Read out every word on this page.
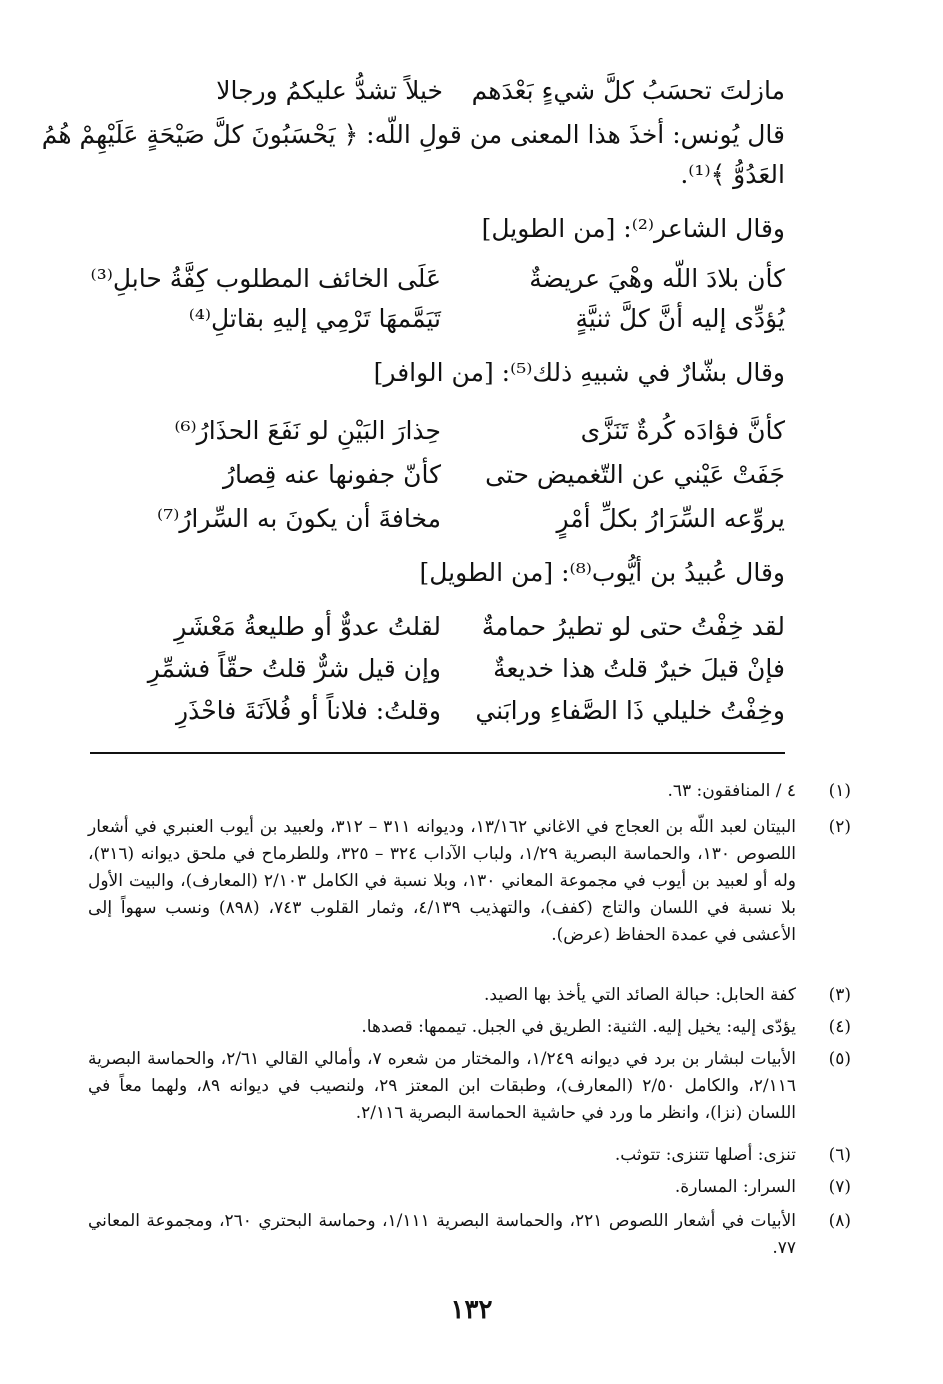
مازلتَ تحسَبُ كلَّ شيءٍ بَعْدَهم
خيلاً تشدُّ عليكمُ ورجالا
قال يُونس: أخذَ هذا المعنى من قولِ اللّه: ﴿ يَحْسَبُونَ كلَّ صَيْحَةٍ عَلَيْهِمْ هُمُ
العَدُوُّ ﴾⁽¹⁾.
وقال الشاعر⁽²⁾: [من الطويل]
كأن بلادَ اللّه وهْيَ عريضةٌ
عَلَى الخائف المطلوب كِفَّةُ حابلِ⁽³⁾
يُؤدِّى إليه أنَّ كلَّ ثنيَّةٍ
تَيَمَّمهَا تَرْمِي إليهِ بقاتلِ⁽⁴⁾
وقال بشّارٌ في شبيهِ ذلك⁽⁵⁾: [من الوافر]
كأنَّ فؤادَه كُرةٌ تَنَزَّى
حِذارَ البَيْنِ لو نَفَعَ الحذَارُ⁽⁶⁾
جَفَتْ عَيْني عن التّغميض حتى
كأنّ جفونها عنه قِصارُ
يروِّعه السِّرَارُ بكلِّ أمْرٍ
مخافةَ أن يكونَ به السِّرارُ⁽⁷⁾
وقال عُبيدُ بن أيُّوب⁽⁸⁾: [من الطويل]
لقد خِفْتُ حتى لو تطيرُ حمامةٌ
لقلتُ عدوٌّ أو طليعةُ مَعْشَرِ
فإنْ قيلَ خيرٌ قلتُ هذا خديعةٌ
وإن قيل شرٌّ قلتُ حقّاً فشمِّرِ
وخِفْتُ خليلي ذَا الصَّفاءِ ورابَني
وقلتُ: فلاناً أو فُلاَنَةَ فاحْذَرِ
(١)
٤ / المنافقون: ٦٣.
(٢)
البيتان لعبد اللّه بن العجاج في الاغاني ١٣/١٦٢، وديوانه ٣١١ – ٣١٢، ولعبيد بن أيوب العنبري في أشعار اللصوص ١٣٠، والحماسة البصرية ١/٢٩، ولباب الآداب ٣٢٤ – ٣٢٥، وللطرماح في ملحق ديوانه (٣١٦)، وله أو لعبيد بن أيوب في مجموعة المعاني ١٣٠، وبلا نسبة في الكامل ٢/١٠٣ (المعارف)، والبيت الأول بلا نسبة في اللسان والتاج (كفف)، والتهذيب ٤/١٣٩، وثمار القلوب ٧٤٣، (٨٩٨) ونسب سهواً إلى الأعشى في عمدة الحفاظ (عرض).
(٣)
كفة الحابل: حبالة الصائد التي يأخذ بها الصيد.
(٤)
يؤدّى إليه: يخيل إليه. الثنية: الطريق في الجبل. تيممها: قصدها.
(٥)
الأبيات لبشار بن برد في ديوانه ١/٢٤٩، والمختار من شعره ٧، وأمالي القالي ٢/٦١، والحماسة البصرية ٢/١١٦، والكامل ٢/٥٠ (المعارف)، وطبقات ابن المعتز ٢٩، ولنصيب في ديوانه ٨٩، ولهما معاً في اللسان (نزا)، وانظر ما ورد في حاشية الحماسة البصرية ٢/١١٦.
(٦)
تنزى: أصلها تتنزى: تتوثب.
(٧)
السرار: المسارة.
(٨)
الأبيات في أشعار اللصوص ٢٢١، والحماسة البصرية ١/١١١، وحماسة البحتري ٢٦٠، ومجموعة المعاني ٧٧.
١٣٢
